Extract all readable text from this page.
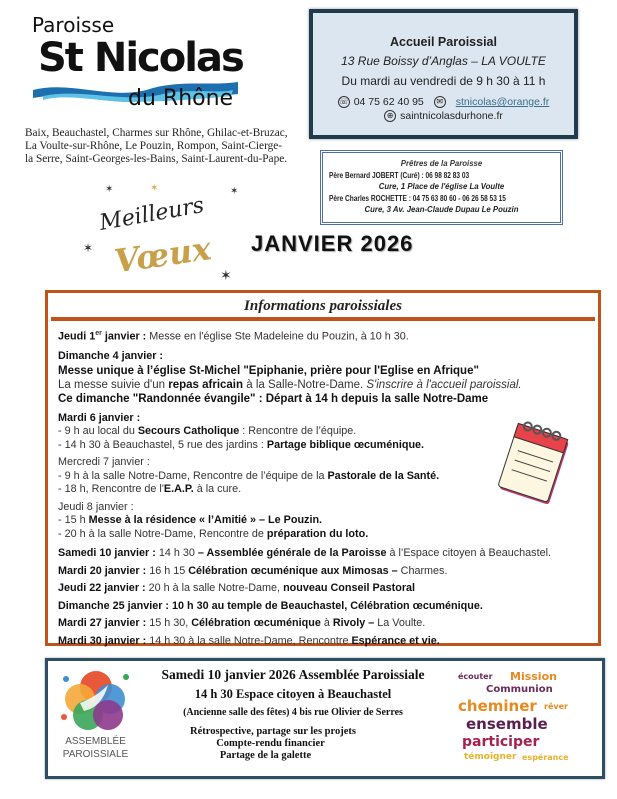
Paroisse
St Nicolas
du Rhône
Baix, Beauchastel, Charmes sur Rhône, Ghilac-et-Bruzac, La Voulte-sur-Rhône, Le Pouzin, Rompon, Saint-Cierge-la Serre, Saint-Georges-les-Bains, Saint-Laurent-du-Pape.
Accueil Paroissial
13 Rue Boissy d’Anglas – LA VOULTE
Du mardi au vendredi de 9 h 30 à 11 h
☏ 04 75 62 40 95	✉ stnicolas@orange.fr
⊕ saintnicolasdurhone.fr
Prêtres de la Paroisse
Père Bernard JOBERT (Curé) : 06 98 82 83 03
Cure, 1 Place de l'église La Voulte
Père Charles ROCHETTE : 04 75 63 80 60 - 06 26 58 53 15
Cure, 3 Av. Jean-Claude Dupau Le Pouzin
Meilleurs
Vœux
✶	✶
✶
✶
✶
JANVIER 2026
Informations paroissiales
Jeudi 1er janvier : Messe en l'église Ste Madeleine du Pouzin, à 10 h 30.
Dimanche 4 janvier :
Messe unique à l’église St-Michel "Epiphanie, prière pour l'Eglise en Afrique"
La messe suivie d'un repas africain à la Salle-Notre-Dame. S'inscrire à l'accueil paroissial.
Ce dimanche "Randonnée évangile" : Départ à 14 h depuis la salle Notre-Dame
Mardi 6 janvier :
- 9 h au local du Secours Catholique : Rencontre de l’équipe.
- 14 h 30 à Beauchastel, 5 rue des jardins : Partage biblique œcuménique.
Mercredi 7 janvier :
- 9 h à la salle Notre-Dame, Rencontre de l’équipe de la Pastorale de la Santé.
- 18 h, Rencontre de l'E.A.P. à la cure.
Jeudi 8 janvier :
- 15 h Messe à la résidence « l’Amitié » – Le Pouzin.
- 20 h à la salle Notre-Dame, Rencontre de préparation du loto.
Samedi 10 janvier : 14 h 30 – Assemblée générale de la Paroisse à l’Espace citoyen à Beauchastel.
Mardi 20 janvier : 16 h 15 Célébration œcuménique aux Mimosas – Charmes.
Jeudi 22 janvier : 20 h à la salle Notre-Dame, nouveau Conseil Pastoral
Dimanche 25 janvier : 10 h 30 au temple de Beauchastel, Célébration œcuménique.
Mardi 27 janvier : 15 h 30, Célébration œcuménique à Rivoly – La Voulte.
Mardi 30 janvier : 14 h 30 à la salle Notre-Dame, Rencontre Espérance et vie.
ASSEMBLÉE
PAROISSIALE
Samedi 10 janvier 2026 Assemblée Paroissiale
14 h 30 Espace citoyen à Beauchastel
(Ancienne salle des fêtes) 4 bis rue Olivier de Serres
Rétrospective, partage sur les projets
Compte-rendu financier
Partage de la galette
Mission
Communion
écouter
cheminer
ensemble
rêver
participer
témoigner espérance
